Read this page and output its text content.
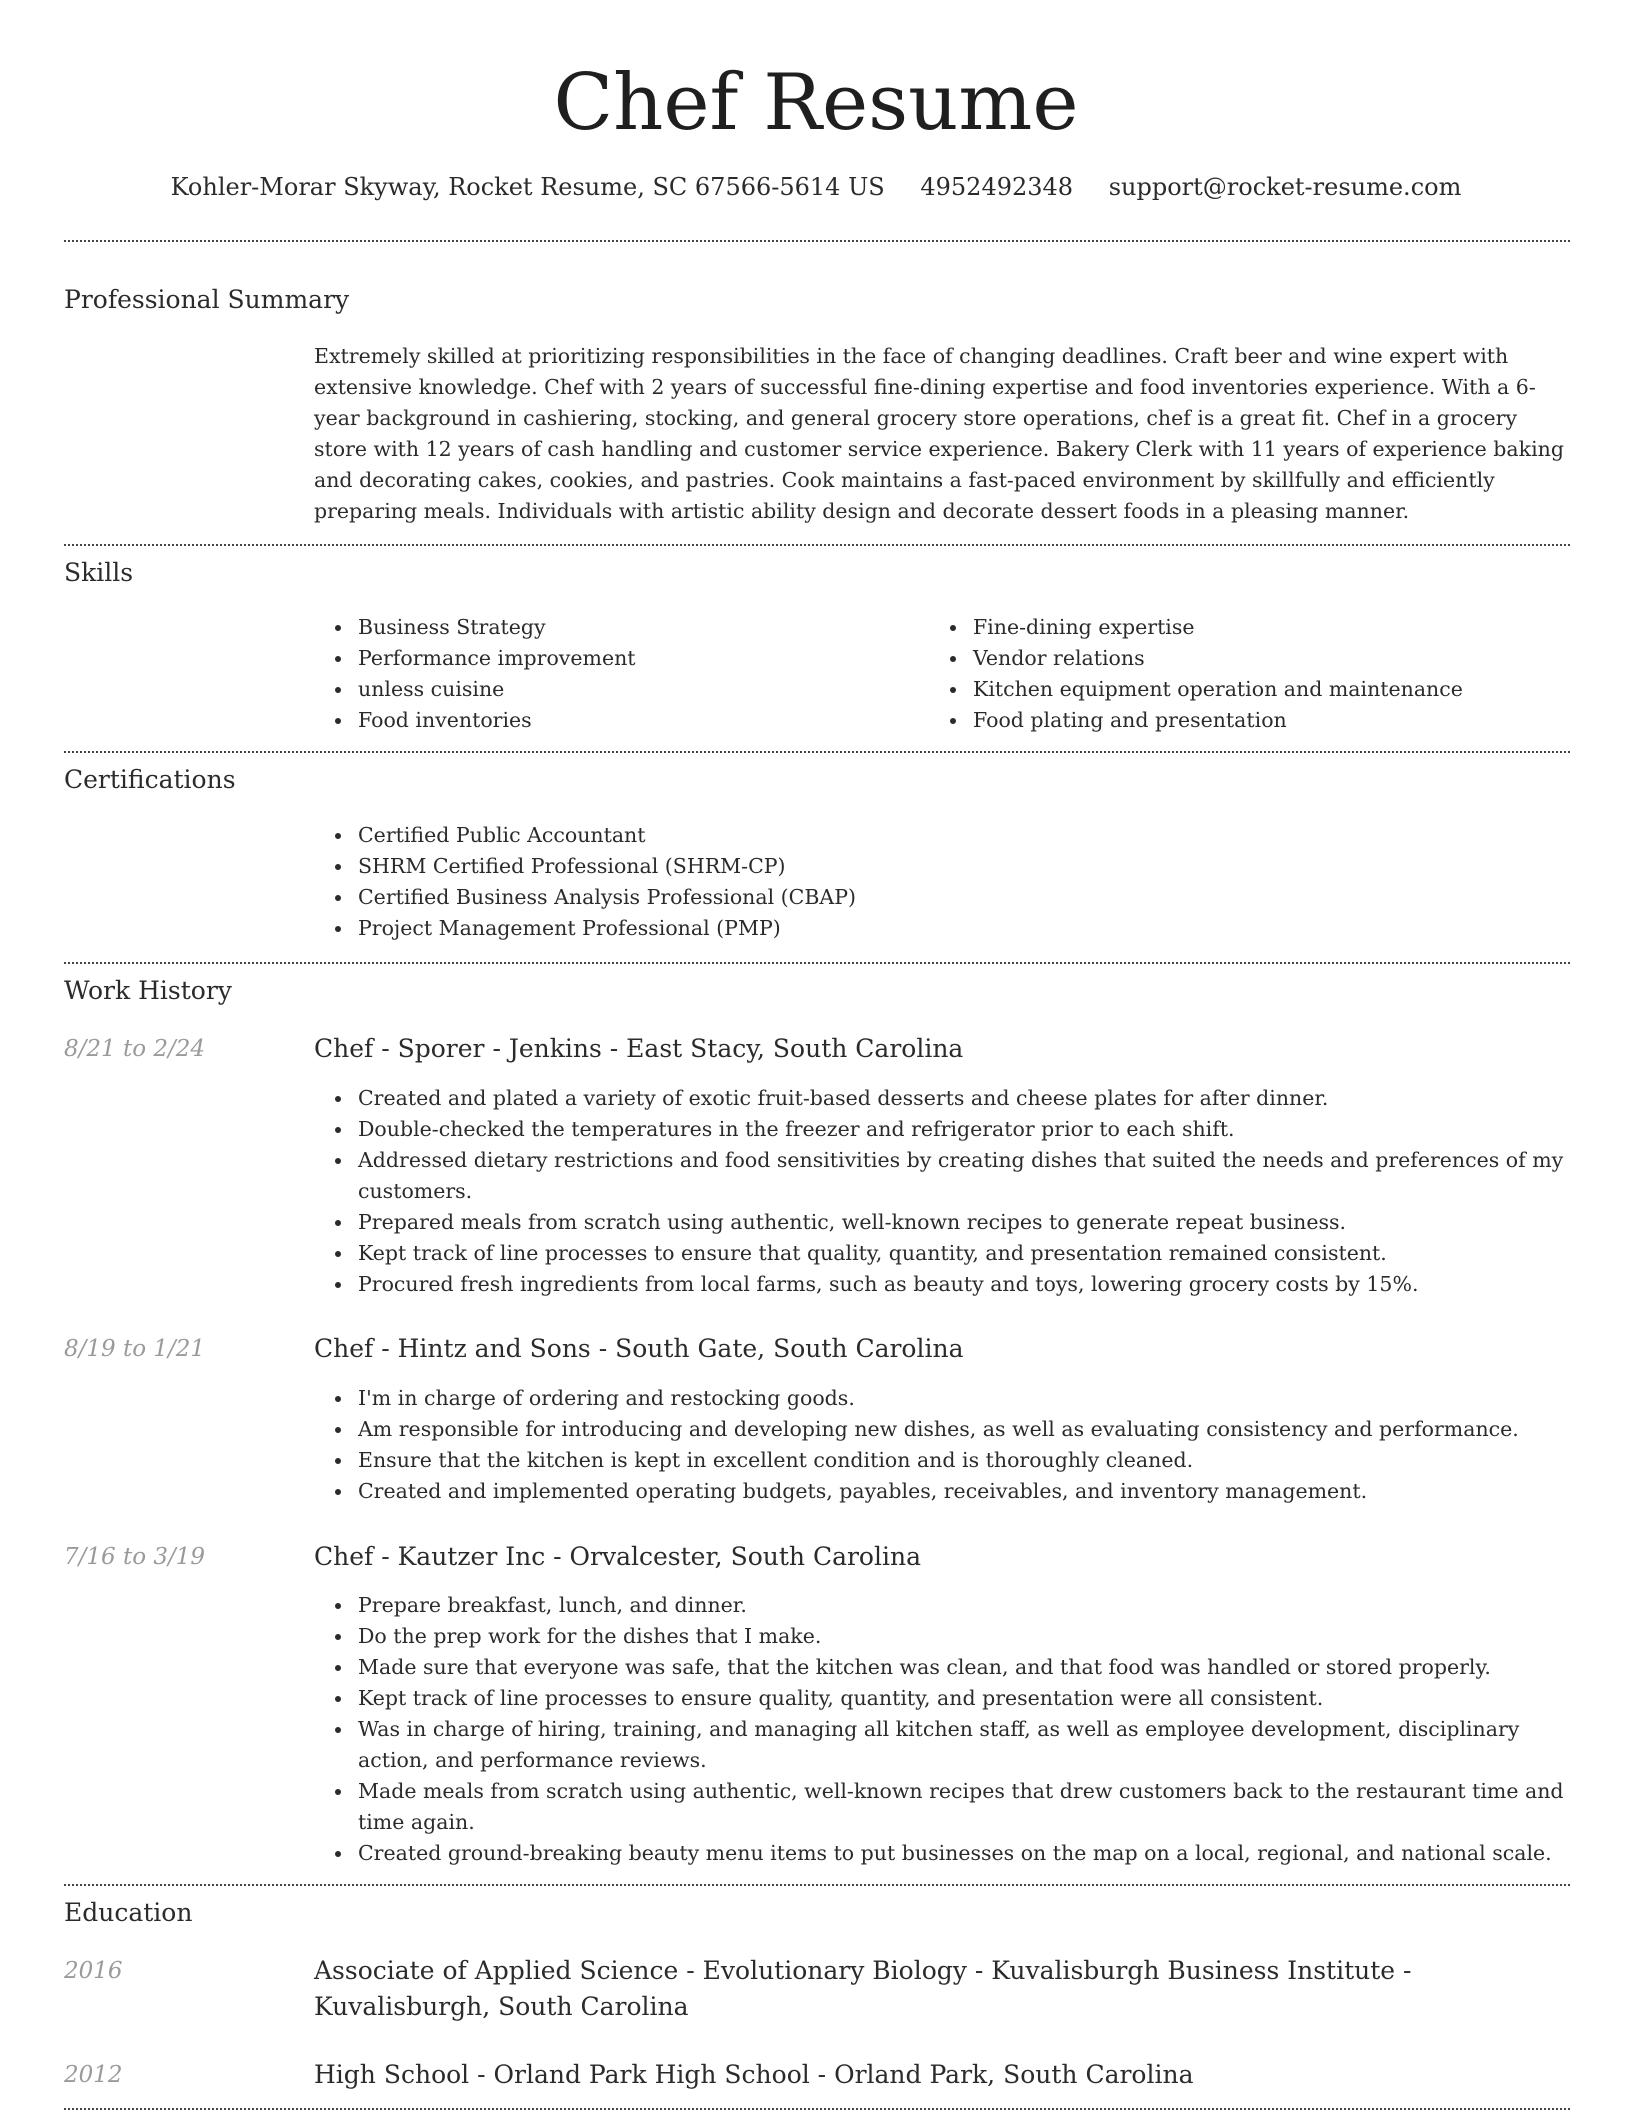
Chef Resume
Kohler-Morar Skyway, Rocket Resume, SC 67566-5614 US 4952492348 support@rocket-resume.com
Professional Summary
Extremely skilled at prioritizing responsibilities in the face of changing deadlines. Craft beer and wine expert with extensive knowledge. Chef with 2 years of successful fine-dining expertise and food inventories experience. With a 6-year background in cashiering, stocking, and general grocery store operations, chef is a great fit. Chef in a grocery store with 12 years of cash handling and customer service experience. Bakery Clerk with 11 years of experience baking and decorating cakes, cookies, and pastries. Cook maintains a fast-paced environment by skillfully and efficiently preparing meals. Individuals with artistic ability design and decorate dessert foods in a pleasing manner.
Skills
Business Strategy
Performance improvement
unless cuisine
Food inventories
Fine-dining expertise
Vendor relations
Kitchen equipment operation and maintenance
Food plating and presentation
Certifications
Certified Public Accountant
SHRM Certified Professional (SHRM-CP)
Certified Business Analysis Professional (CBAP)
Project Management Professional (PMP)
Work History
8/21 to 2/24	Chef - Sporer - Jenkins - East Stacy, South Carolina
Created and plated a variety of exotic fruit-based desserts and cheese plates for after dinner.
Double-checked the temperatures in the freezer and refrigerator prior to each shift.
Addressed dietary restrictions and food sensitivities by creating dishes that suited the needs and preferences of my customers.
Prepared meals from scratch using authentic, well-known recipes to generate repeat business.
Kept track of line processes to ensure that quality, quantity, and presentation remained consistent.
Procured fresh ingredients from local farms, such as beauty and toys, lowering grocery costs by 15%.
8/19 to 1/21	Chef - Hintz and Sons - South Gate, South Carolina
I'm in charge of ordering and restocking goods.
Am responsible for introducing and developing new dishes, as well as evaluating consistency and performance.
Ensure that the kitchen is kept in excellent condition and is thoroughly cleaned.
Created and implemented operating budgets, payables, receivables, and inventory management.
7/16 to 3/19	Chef - Kautzer Inc - Orvalcester, South Carolina
Prepare breakfast, lunch, and dinner.
Do the prep work for the dishes that I make.
Made sure that everyone was safe, that the kitchen was clean, and that food was handled or stored properly.
Kept track of line processes to ensure quality, quantity, and presentation were all consistent.
Was in charge of hiring, training, and managing all kitchen staff, as well as employee development, disciplinary action, and performance reviews.
Made meals from scratch using authentic, well-known recipes that drew customers back to the restaurant time and time again.
Created ground-breaking beauty menu items to put businesses on the map on a local, regional, and national scale.
Education
2016	Associate of Applied Science - Evolutionary Biology - Kuvalisburgh Business Institute - Kuvalisburgh, South Carolina
2012	High School - Orland Park High School - Orland Park, South Carolina
